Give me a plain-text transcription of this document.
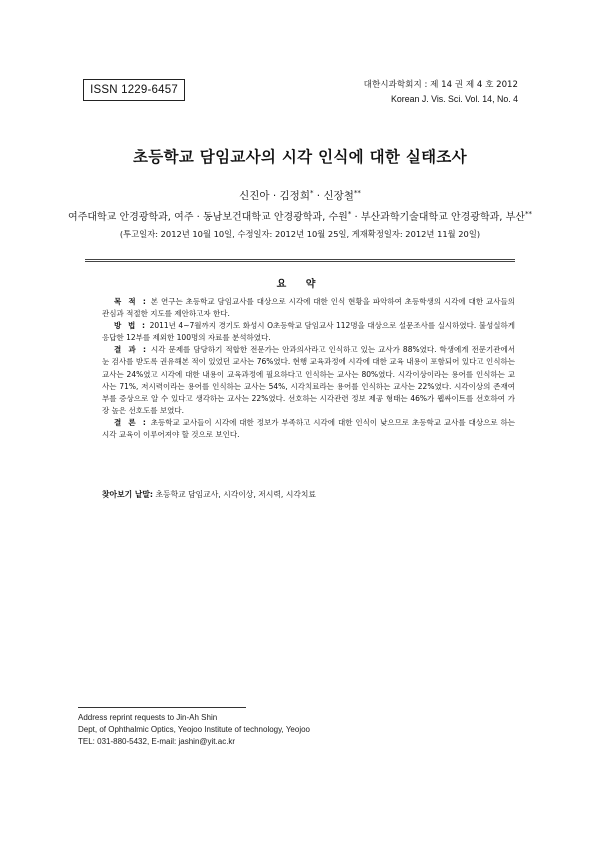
ISSN 1229-6457	대한시과학회지 : 제 14 권 제 4 호 2012
Korean J. Vis. Sci. Vol. 14, No. 4
초등학교 담임교사의 시각 인식에 대한 실태조사
신진아 · 김정희* · 신장철**
여주대학교 안경광학과, 여주 · 동남보건대학교 안경광학과, 수원* · 부산과학기술대학교 안경광학과, 부산**
(투고일자: 2012년 10월 10일, 수정일자: 2012년 10월 25일, 게재확정일자: 2012년 11월 20일)
요 약

목 적 : 본 연구는 초등학교 담임교사를 대상으로 시각에 대한 인식 현황을 파악하여 초등학생의 시각에 대한 교사들의 관심과 적절한 지도를 제안하고자 한다.

방 법 : 2011년 4~7월까지 경기도 화성시 O초등학교 담임교사 112명을 대상으로 설문조사를 실시하였다. 불성실하게 응답한 12부를 제외한 100명의 자료를 분석하였다.

결 과 : 시각 문제를 담당하기 적합한 전문가는 안과의사라고 인식하고 있는 교사가 88%였다. 학생에게 전문기관에서 눈 검사를 받도록 권유해본 적이 있었던 교사는 76%였다. 현행 교육과정에 시각에 대한 교육 내용이 포함되어 있다고 인식하는 교사는 24%였고 시각에 대한 내용이 교육과정에 필요하다고 인식하는 교사는 80%였다. 시각이상이라는 용어를 인식하는 교사는 71%, 저시력이라는 용어를 인식하는 교사는 54%, 시각치료라는 용어를 인식하는 교사는 22%였다. 시각이상의 존재여부를 증상으로 알 수 있다고 생각하는 교사는 22%였다. 선호하는 시각관련 정보 제공 형태는 46%가 웹싸이트를 선호하여 가장 높은 선호도를 보였다.

결 론 : 초등학교 교사들이 시각에 대한 정보가 부족하고 시각에 대한 인식이 낮으므로 초등학교 교사를 대상으로 하는 시각 교육이 이루어져야 할 것으로 보인다.

찾아보기 낱말: 초등학교 담임교사, 시각이상, 저시력, 시각치료
Address reprint requests to Jin-Ah Shin
Dept, of Ophthalmic Optics, Yeojoo Institute of technology, Yeojoo
TEL: 031-880-5432, E-mail: jashin@yit.ac.kr
